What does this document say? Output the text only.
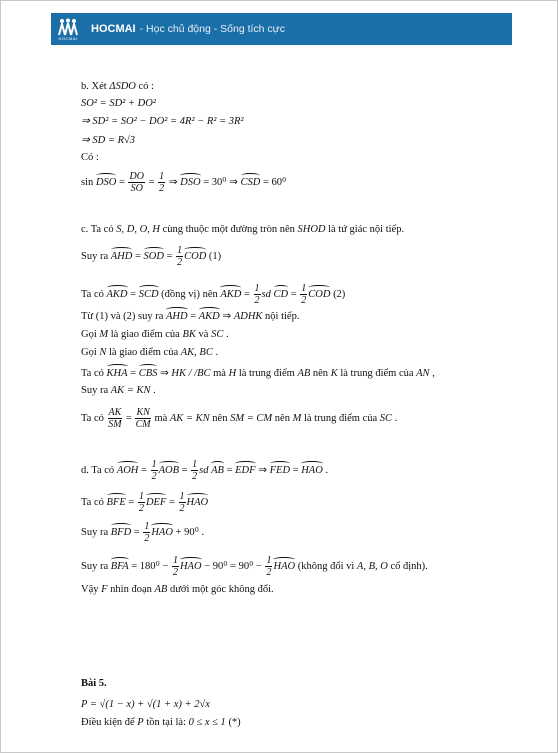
HOCMAI
HOCMAI - Học chủ động - Sống tích cực
b. Xét ΔSDO có :
SO² = SD² + DO²
⇒ SD² = SO² − DO² = 4R² − R² = 3R²
⇒ SD = R√3
Có :
sin DSO = $\frac{DO}{SO} = \frac{1}{2}$ ⇒ DSO = 30⁰ ⇒ CSD = 60⁰
c. Ta có S, D, O, H cùng thuộc một đường tròn nên SHOD là tứ giác nội tiếp.
Suy ra AHD = SOD = $\frac{1}{2}$ COD (1)
Ta có AKD = SCD (đồng vị) nên AKD = $\frac{1}{2}$ sd CD = $\frac{1}{2}$ COD (2)
Từ (1) và (2) suy ra AHD = AKD ⇒ ADHK nội tiếp.
Gọi M là giao điểm của BK và SC .
Gọi N là giao điểm của AK, BC .
Ta có KHA = CBS ⇒ HK / /BC mà H là trung điểm AB nên K là trung điểm của AN ,
Suy ra AK = KN .
Ta có $\frac{AK}{SM} = \frac{KN}{CM}$ mà AK = KN nên SM = CM nên M là trung điểm của SC .
d. Ta có AOH = $\frac{1}{2}$ AOB = $\frac{1}{2}$ sd AB = EDF ⇒ FED = HAO .
Ta có BFE = $\frac{1}{2}$ DEF = $\frac{1}{2}$ HAO
Suy ra BFD = $\frac{1}{2}$ HAO + 90⁰ .
Suy ra BFA = $180^0 - \frac{1}{2}$ HAO − $90^0 = 90^0 - \frac{1}{2}$ HAO (không đổi vì A, B, O cố định).
Vậy F nhìn đoạn AB dưới một góc không đổi.
Bài 5.
P = √(1 − x) + √(1 + x) + 2√x
Điều kiện để P tồn tại là: 0 ≤ x ≤ 1 (*)
